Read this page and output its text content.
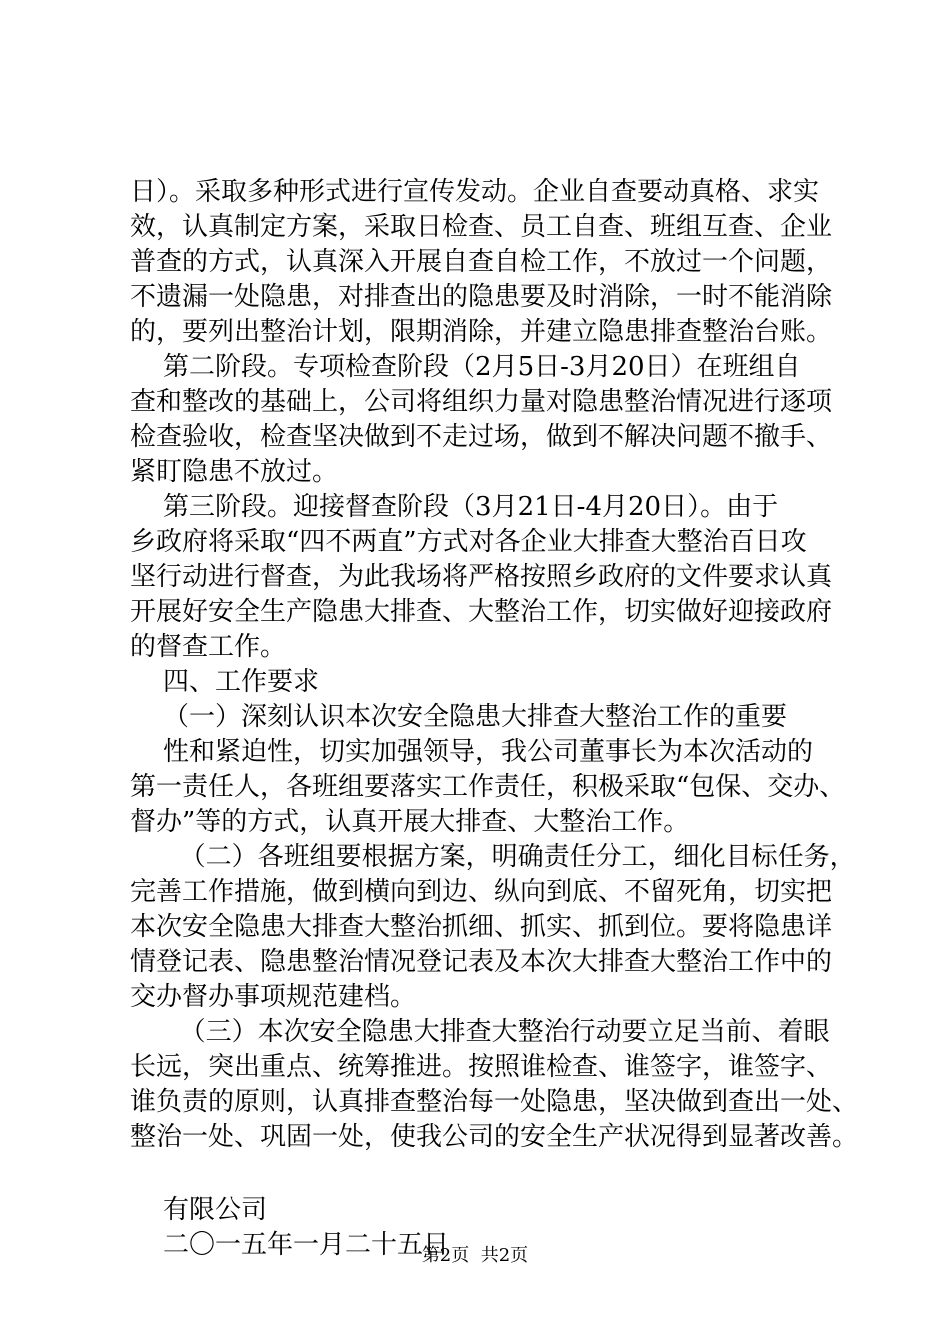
日）。采取多种形式进行宣传发动。企业自查要动真格、求实
效，认真制定方案，采取日检查、员工自查、班组互查、企业
普查的方式，认真深入开展自查自检工作，不放过一个问题，
不遗漏一处隐患，对排查出的隐患要及时消除，一时不能消除
的，要列出整治计划，限期消除，并建立隐患排查整治台账。
第二阶段。专项检查阶段（2月5日-3月20日）在班组自
查和整改的基础上，公司将组织力量对隐患整治情况进行逐项
检查验收，检查坚决做到不走过场，做到不解决问题不撤手、
紧盯隐患不放过。
第三阶段。迎接督查阶段（3月21日-4月20日）。由于
乡政府将采取“四不两直”方式对各企业大排查大整治百日攻
坚行动进行督查，为此我场将严格按照乡政府的文件要求认真
开展好安全生产隐患大排查、大整治工作，切实做好迎接政府
的督查工作。
四、工作要求
（一）深刻认识本次安全隐患大排查大整治工作的重要
性和紧迫性，切实加强领导，我公司董事长为本次活动的
第一责任人，各班组要落实工作责任，积极采取“包保、交办、
督办”等的方式，认真开展大排查、大整治工作。
（二）各班组要根据方案，明确责任分工，细化目标任务，
完善工作措施，做到横向到边、纵向到底、不留死角，切实把
本次安全隐患大排查大整治抓细、抓实、抓到位。要将隐患详
情登记表、隐患整治情况登记表及本次大排查大整治工作中的
交办督办事项规范建档。
（三）本次安全隐患大排查大整治行动要立足当前、着眼
长远，突出重点、统筹推进。按照谁检查、谁签字，谁签字、
谁负责的原则，认真排查整治每一处隐患，坚决做到查出一处、
整治一处、巩固一处，使我公司的安全生产状况得到显著改善。
有限公司
二〇一五年一月二十五日
第2页  共2页
